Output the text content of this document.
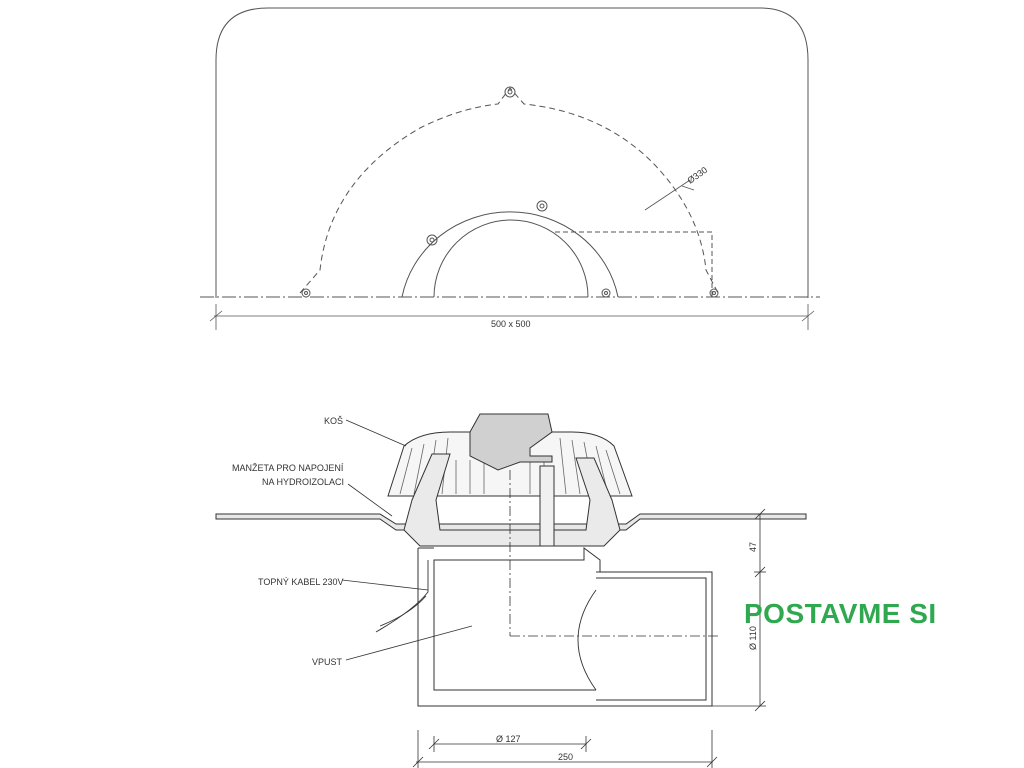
500 x 500
Ø330
KOŠ
MANŽETA PRO NAPOJENÍ
NA HYDROIZOLACI
TOPNÝ KABEL 230V
VPUST
Ø 127
250
47
Ø 110
POSTAVME SI
